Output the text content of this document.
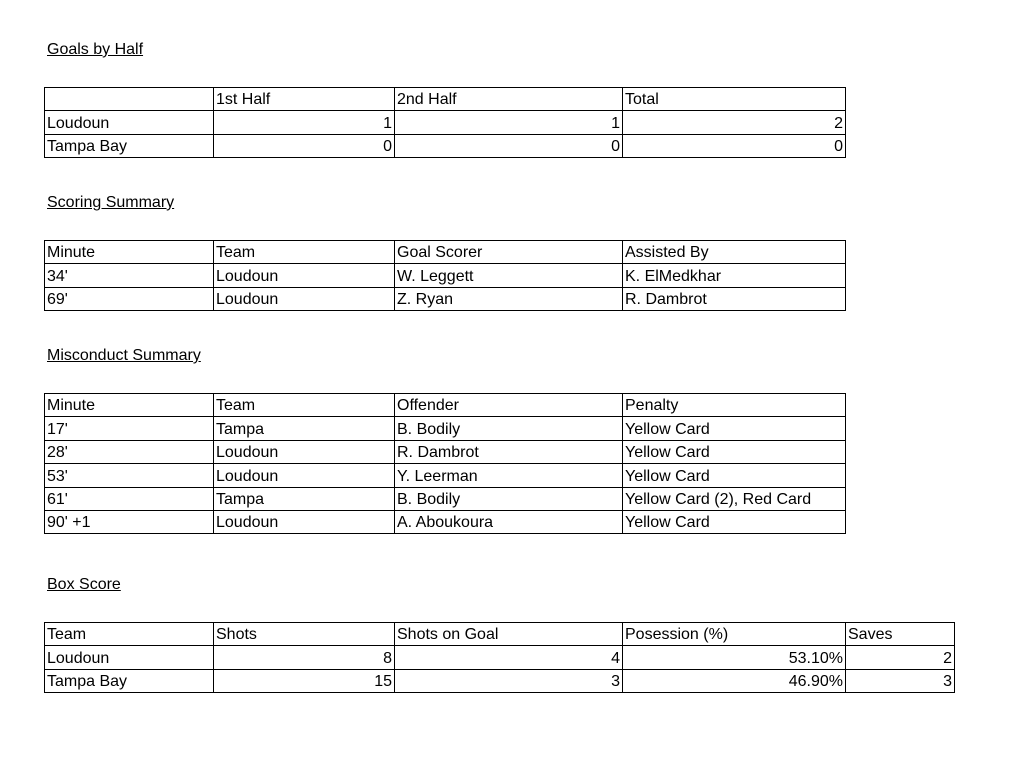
Goals by Half
	1st Half	2nd Half	Total
Loudoun	1	1	2
Tampa Bay	0	0	0
Scoring Summary
Minute	Team	Goal Scorer	Assisted By
34'	Loudoun	W. Leggett	K. ElMedkhar
69'	Loudoun	Z. Ryan	R. Dambrot
Misconduct Summary
Minute	Team	Offender	Penalty
17'	Tampa	B. Bodily	Yellow Card
28'	Loudoun	R. Dambrot	Yellow Card
53'	Loudoun	Y. Leerman	Yellow Card
61'	Tampa	B. Bodily	Yellow Card (2), Red Card
90' +1	Loudoun	A. Aboukoura	Yellow Card
Box Score
Team	Shots	Shots on Goal	Posession (%)	Saves
Loudoun	8	4	53.10%	2
Tampa Bay	15	3	46.90%	3
